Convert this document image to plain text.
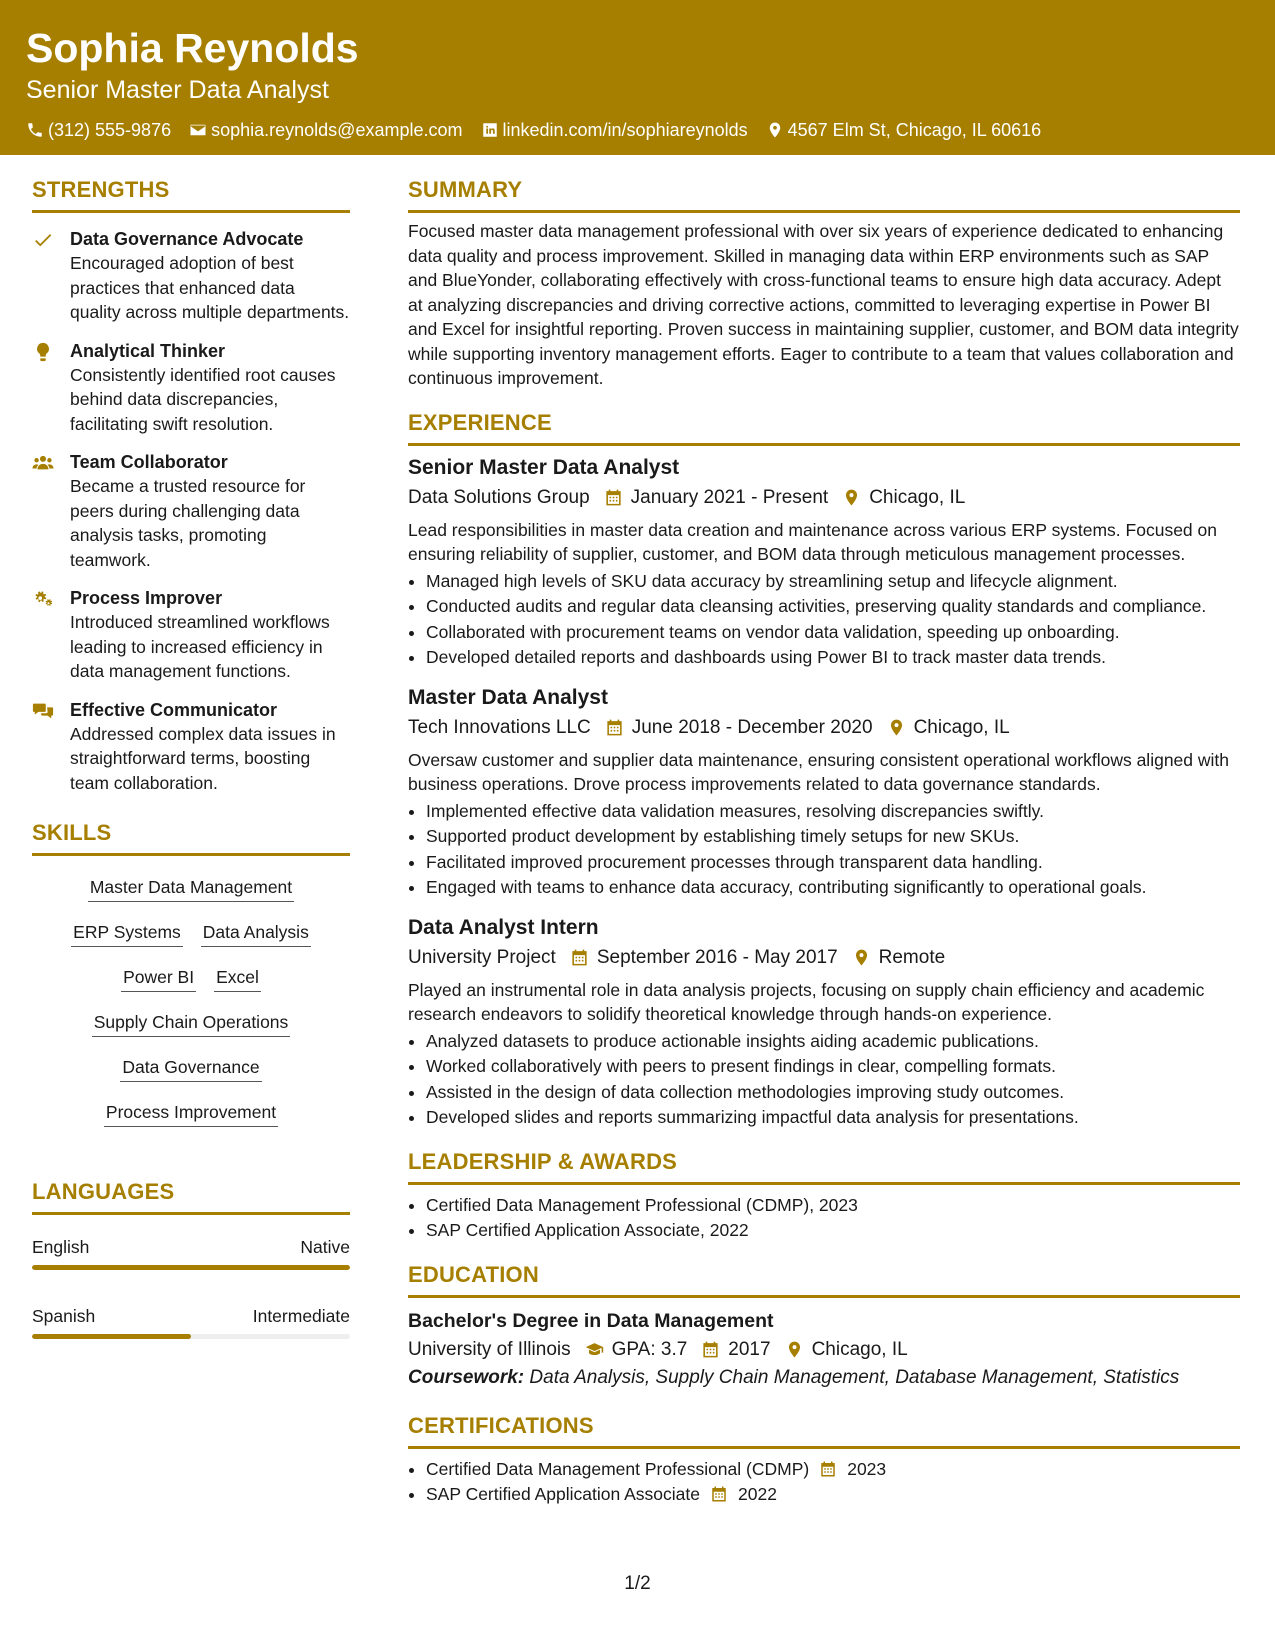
Sophia Reynolds
Senior Master Data Analyst
(312) 555-9876 sophia.reynolds@example.com linkedin.com/in/sophiareynolds 4567 Elm St, Chicago, IL 60616
STRENGTHS
Data Governance Advocate
Encouraged adoption of best practices that enhanced data quality across multiple departments.
Analytical Thinker
Consistently identified root causes behind data discrepancies, facilitating swift resolution.
Team Collaborator
Became a trusted resource for peers during challenging data analysis tasks, promoting teamwork.
Process Improver
Introduced streamlined workflows leading to increased efficiency in data management functions.
Effective Communicator
Addressed complex data issues in straightforward terms, boosting team collaboration.
SKILLS
Master Data Management
ERP Systems Data Analysis
Power BI Excel
Supply Chain Operations
Data Governance
Process Improvement
LANGUAGES
English	Native
Spanish	Intermediate
SUMMARY
Focused master data management professional with over six years of experience dedicated to enhancing data quality and process improvement. Skilled in managing data within ERP environments such as SAP and BlueYonder, collaborating effectively with cross-functional teams to ensure high data accuracy. Adept at analyzing discrepancies and driving corrective actions, committed to leveraging expertise in Power BI and Excel for insightful reporting. Proven success in maintaining supplier, customer, and BOM data integrity while supporting inventory management efforts. Eager to contribute to a team that values collaboration and continuous improvement.
EXPERIENCE
Senior Master Data Analyst
Data Solutions Group January 2021 - Present Chicago, IL
Lead responsibilities in master data creation and maintenance across various ERP systems. Focused on ensuring reliability of supplier, customer, and BOM data through meticulous management processes.
• Managed high levels of SKU data accuracy by streamlining setup and lifecycle alignment.
• Conducted audits and regular data cleansing activities, preserving quality standards and compliance.
• Collaborated with procurement teams on vendor data validation, speeding up onboarding.
• Developed detailed reports and dashboards using Power BI to track master data trends.
Master Data Analyst
Tech Innovations LLC June 2018 - December 2020 Chicago, IL
Oversaw customer and supplier data maintenance, ensuring consistent operational workflows aligned with business operations. Drove process improvements related to data governance standards.
• Implemented effective data validation measures, resolving discrepancies swiftly.
• Supported product development by establishing timely setups for new SKUs.
• Facilitated improved procurement processes through transparent data handling.
• Engaged with teams to enhance data accuracy, contributing significantly to operational goals.
Data Analyst Intern
University Project September 2016 - May 2017 Remote
Played an instrumental role in data analysis projects, focusing on supply chain efficiency and academic research endeavors to solidify theoretical knowledge through hands-on experience.
• Analyzed datasets to produce actionable insights aiding academic publications.
• Worked collaboratively with peers to present findings in clear, compelling formats.
• Assisted in the design of data collection methodologies improving study outcomes.
• Developed slides and reports summarizing impactful data analysis for presentations.
LEADERSHIP & AWARDS
• Certified Data Management Professional (CDMP), 2023
• SAP Certified Application Associate, 2022
EDUCATION
Bachelor's Degree in Data Management
University of Illinois GPA: 3.7 2017 Chicago, IL
Coursework: Data Analysis, Supply Chain Management, Database Management, Statistics
CERTIFICATIONS
• Certified Data Management Professional (CDMP) 2023
• SAP Certified Application Associate 2022
1/2
